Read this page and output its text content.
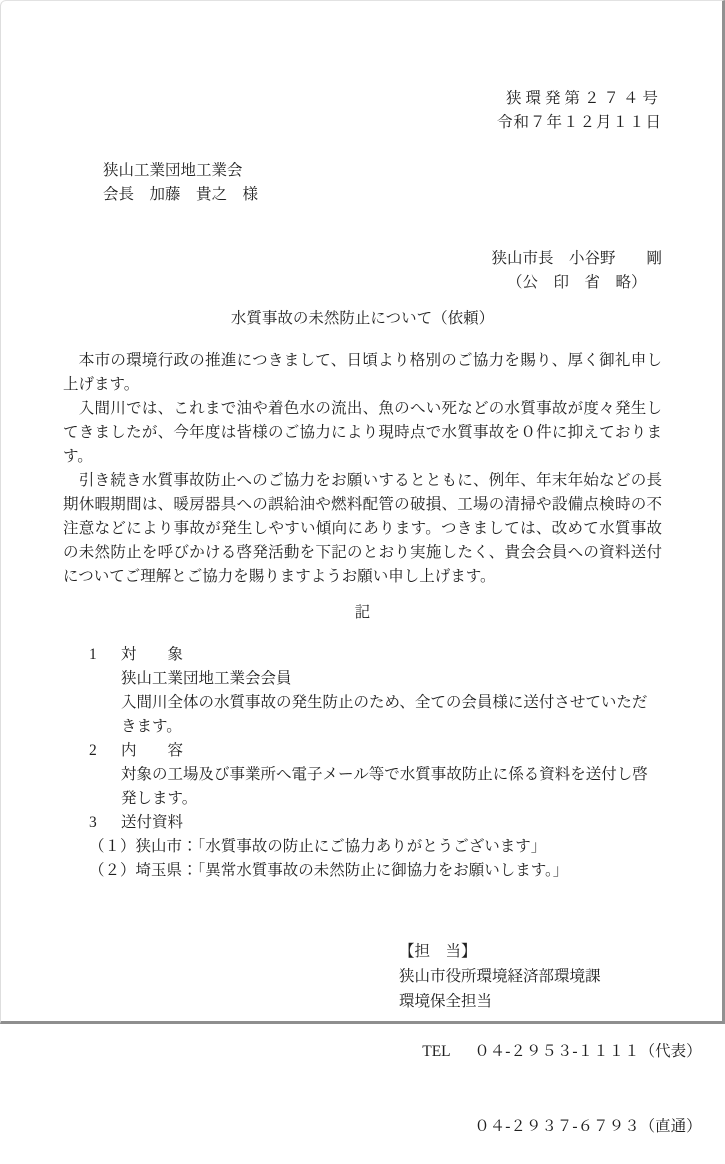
狭環発第２７４号
令和７年１２月１１日
狭山工業団地工業会
会長　加藤　貴之　様
狭山市長　小谷野　　剛
（公　印　省　略）
水質事故の未然防止について（依頼）

　本市の環境行政の推進につきまして、日頃より格別のご協力を賜り、厚く御礼申し上げます。

　入間川では、これまで油や着色水の流出、魚のへい死などの水質事故が度々発生してきましたが、今年度は皆様のご協力により現時点で水質事故を０件に抑えております。

　引き続き水質事故防止へのご協力をお願いするとともに、例年、年末年始などの長期休暇期間は、暖房器具への誤給油や燃料配管の破損、工場の清掃や設備点検時の不注意などにより事故が発生しやすい傾向にあります。つきましては、改めて水質事故の未然防止を呼びかける啓発活動を下記のとおり実施したく、貴会会員への資料送付についてご理解とご協力を賜りますようお願い申し上げます。

記
1 対　　象
狭山工業団地工業会会員
入間川全体の水質事故の発生防止のため、全ての会員様に送付させていただきます。
2 内　　容
対象の工場及び事業所へ電子メール等で水質事故防止に係る資料を送付し啓発します。
3 送付資料
（１）狭山市：「水質事故の防止にご協力ありがとうございます」
（２）埼玉県：「異常水質事故の未然防止に御協力をお願いします。」
【担　当】
狭山市役所環境経済部環境課
環境保全担当

TEL ０４-２９５３-１１１１（代表）

０４-２９３７-６７９３（直通）
